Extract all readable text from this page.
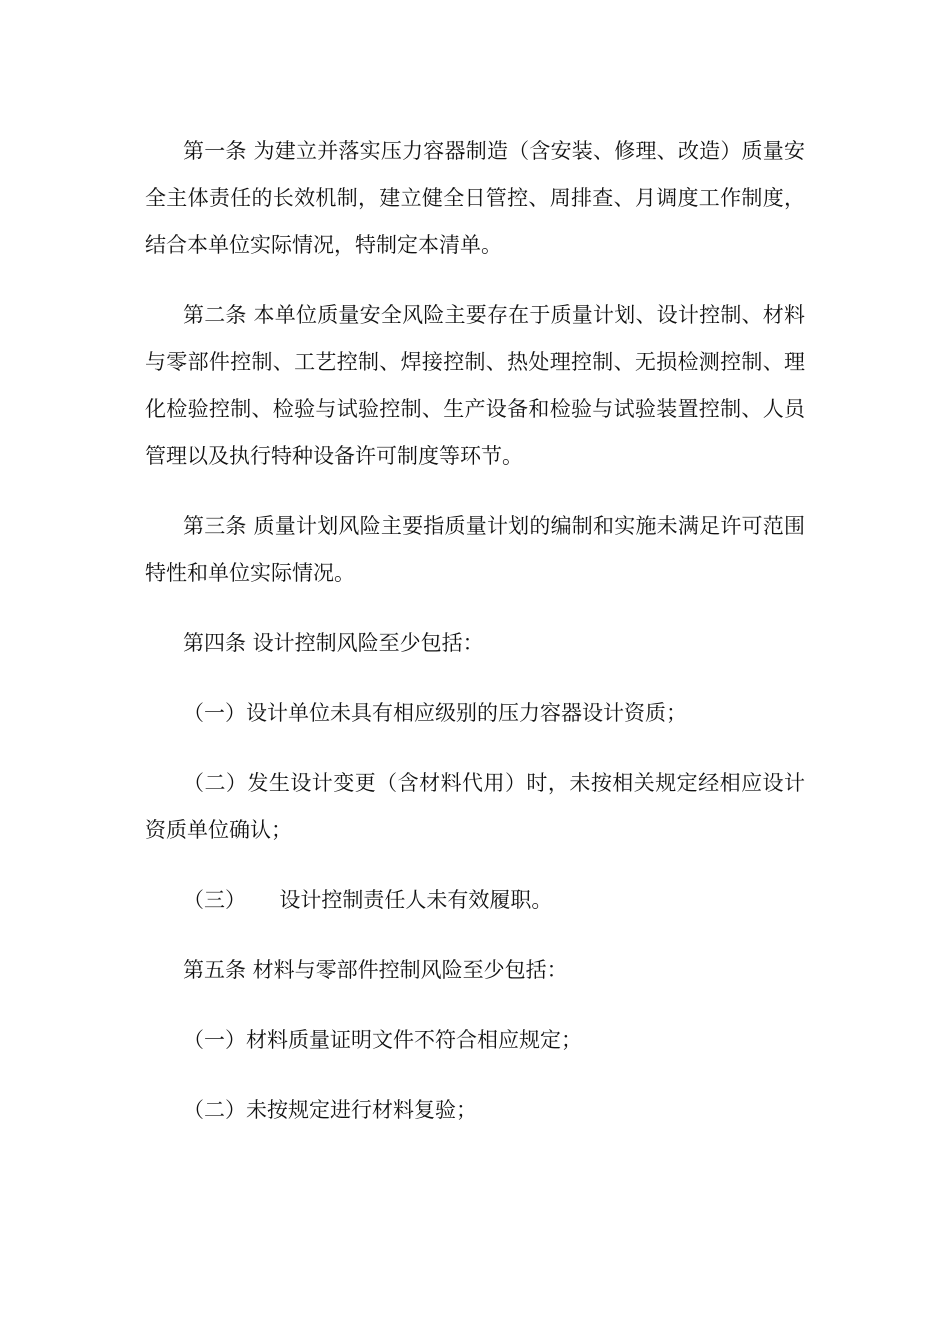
第一条 为建立并落实压力容器制造（含安装、修理、改造）质量安全主体责任的长效机制，建立健全日管控、周排查、月调度工作制度，结合本单位实际情况，特制定本清单。

第二条 本单位质量安全风险主要存在于质量计划、设计控制、材料与零部件控制、工艺控制、焊接控制、热处理控制、无损检测控制、理化检验控制、检验与试验控制、生产设备和检验与试验装置控制、人员管理以及执行特种设备许可制度等环节。

第三条 质量计划风险主要指质量计划的编制和实施未满足许可范围特性和单位实际情况。

第四条 设计控制风险至少包括：

（一）设计单位未具有相应级别的压力容器设计资质；

（二）发生设计变更（含材料代用）时，未按相关规定经相应设计资质单位确认；

（三）     设计控制责任人未有效履职。

第五条 材料与零部件控制风险至少包括：

（一）材料质量证明文件不符合相应规定；

（二）未按规定进行材料复验；
